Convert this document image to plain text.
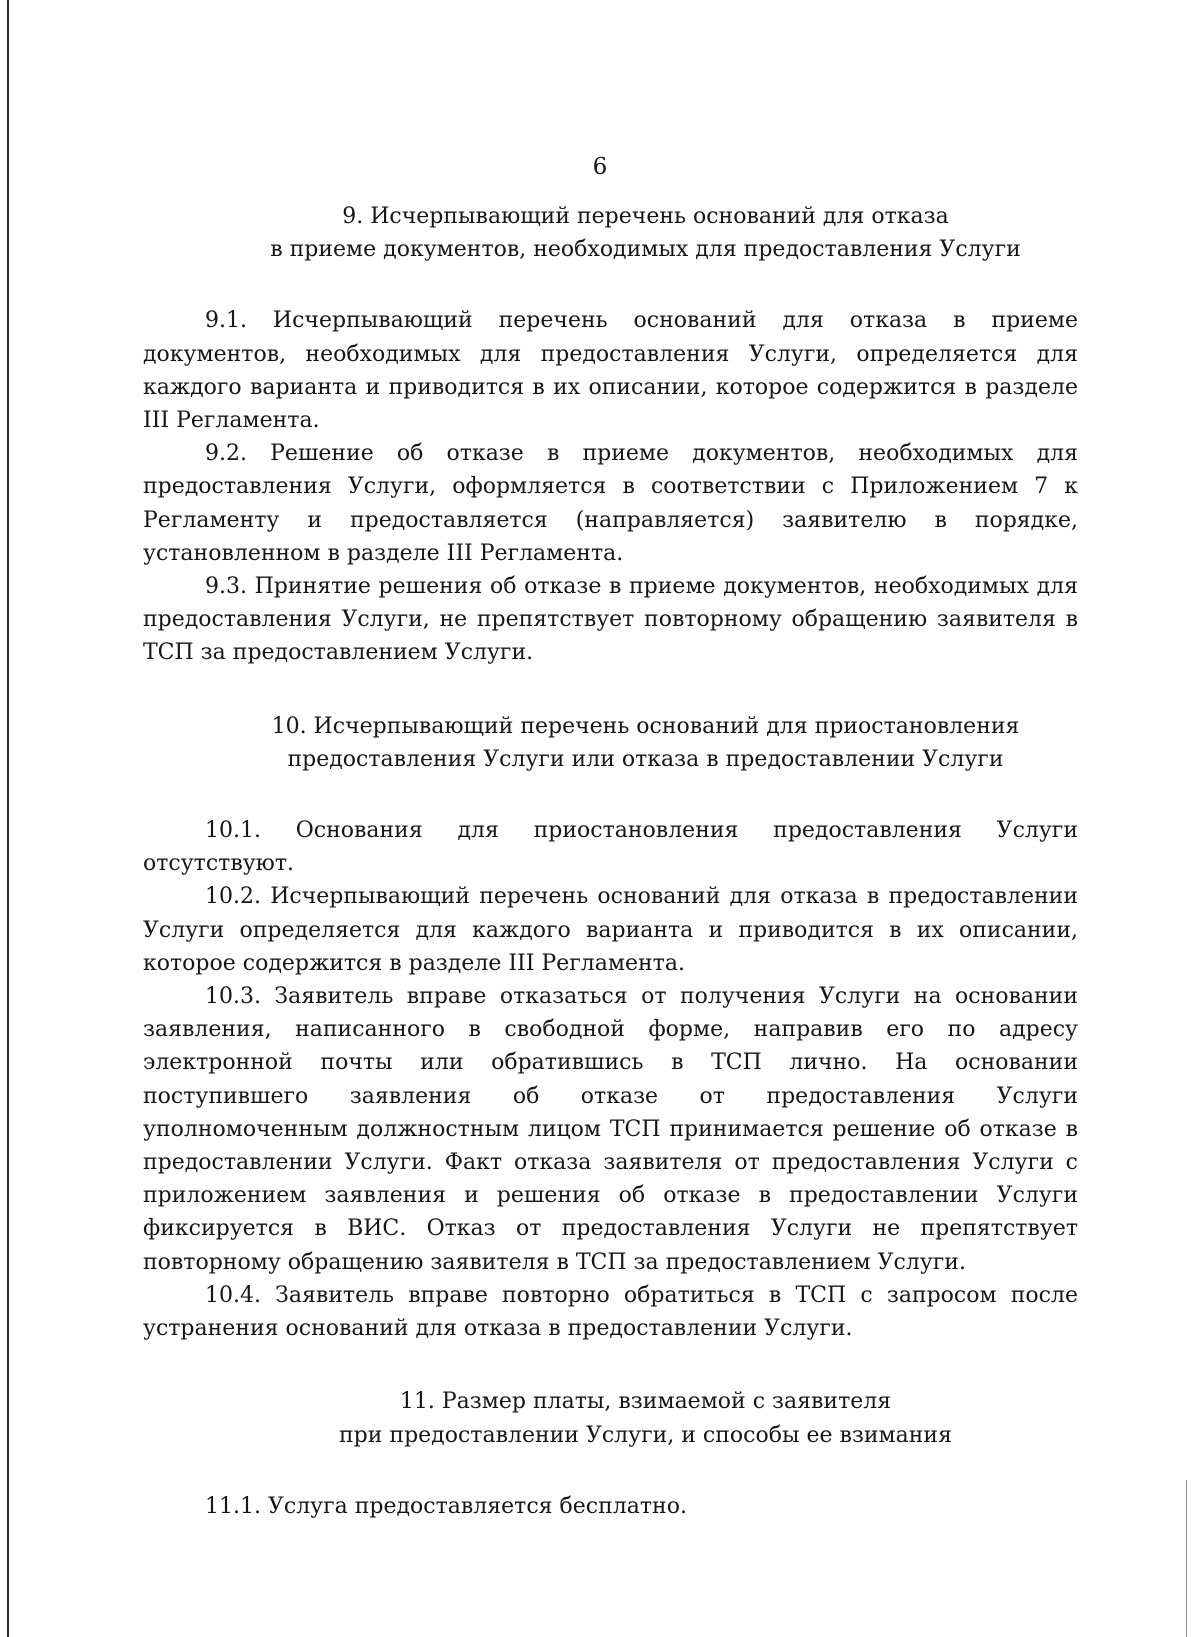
6
9. Исчерпывающий перечень оснований для отказа
в приеме документов, необходимых для предоставления Услуги

9.1. Исчерпывающий перечень оснований для отказа в приеме документов, необходимых для предоставления Услуги, определяется для каждого варианта и приводится в их описании, которое содержится в разделе III Регламента.

9.2. Решение об отказе в приеме документов, необходимых для предоставления Услуги, оформляется в соответствии с Приложением 7 к Регламенту и предоставляется (направляется) заявителю в порядке, установленном в разделе III Регламента.

9.3. Принятие решения об отказе в приеме документов, необходимых для предоставления Услуги, не препятствует повторному обращению заявителя в ТСП за предоставлением Услуги.

10. Исчерпывающий перечень оснований для приостановления
предоставления Услуги или отказа в предоставлении Услуги

10.1. Основания для приостановления предоставления Услуги отсутствуют.

10.2. Исчерпывающий перечень оснований для отказа в предоставлении Услуги определяется для каждого варианта и приводится в их описании, которое содержится в разделе III Регламента.

10.3. Заявитель вправе отказаться от получения Услуги на основании заявления, написанного в свободной форме, направив его по адресу электронной почты или обратившись в ТСП лично. На основании поступившего заявления об отказе от предоставления Услуги уполномоченным должностным лицом ТСП принимается решение об отказе в предоставлении Услуги. Факт отказа заявителя от предоставления Услуги с приложением заявления и решения об отказе в предоставлении Услуги фиксируется в ВИС. Отказ от предоставления Услуги не препятствует повторному обращению заявителя в ТСП за предоставлением Услуги.

10.4. Заявитель вправе повторно обратиться в ТСП с запросом после устранения оснований для отказа в предоставлении Услуги.

11. Размер платы, взимаемой с заявителя
при предоставлении Услуги, и способы ее взимания

11.1. Услуга предоставляется бесплатно.
